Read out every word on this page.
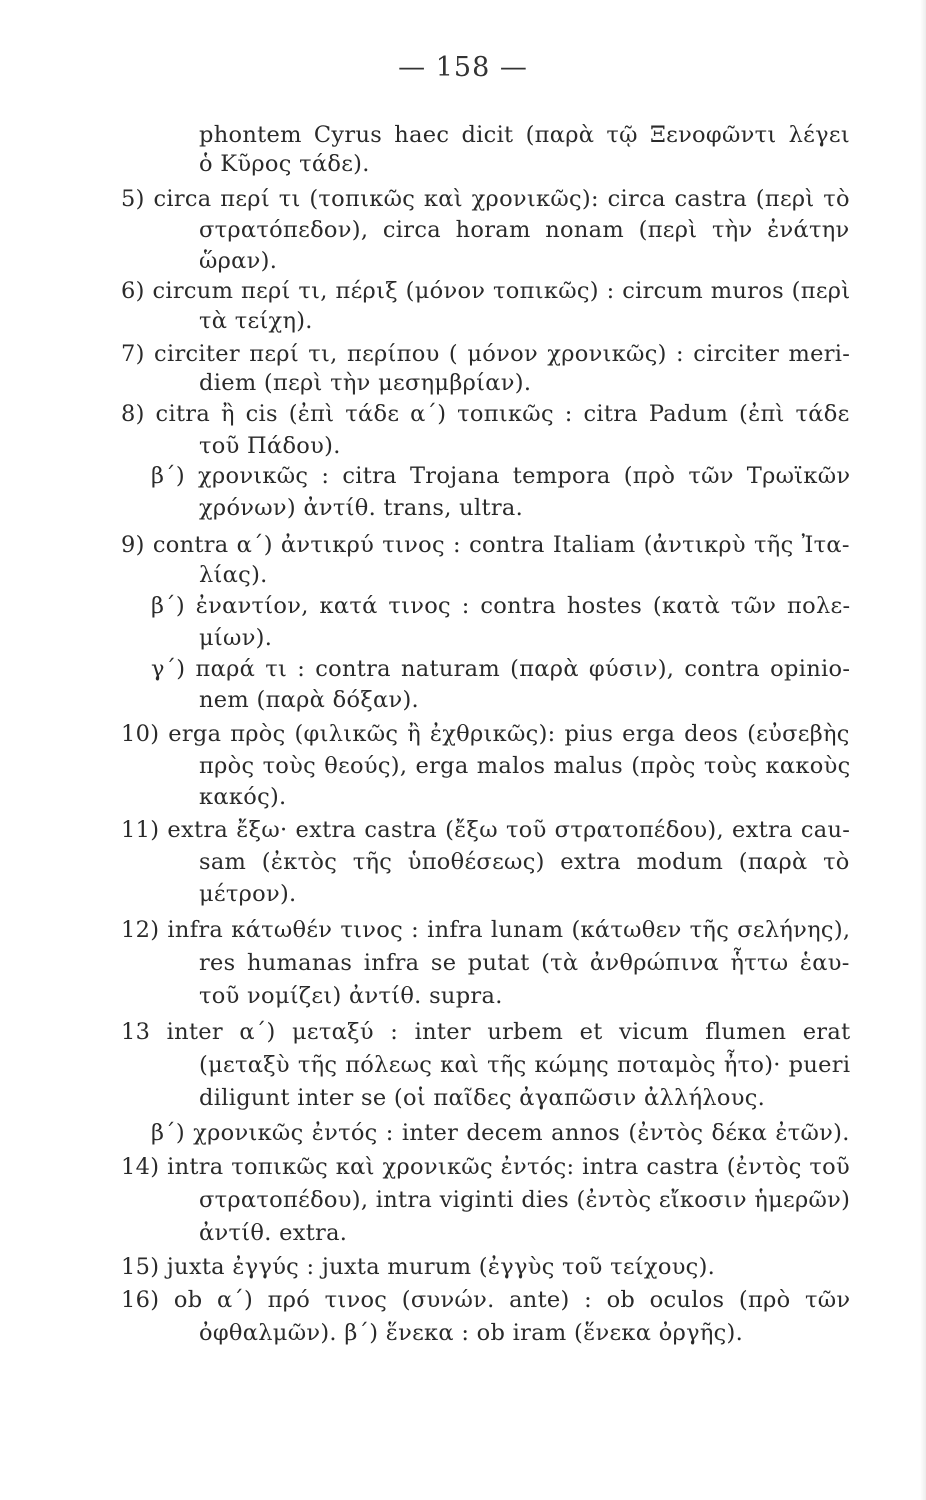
— 158 —
phontem Cyrus haec dicit (παρὰ τῷ Ξενοφῶντι λέγει
ὁ Κῦρος τάδε).
5) circa περί τι (τοπικῶς καὶ χρονικῶς): circa castra (περὶ τὸ
στρατόπεδον), circa horam nonam (περὶ τὴν ἐνάτην
ὥραν).
6) circum περί τι, πέριξ (μόνον τοπικῶς) : circum muros (περὶ
τὰ τείχη).
7) circiter περί τι, περίπου ( μόνον χρονικῶς) : circiter meri-
diem (περὶ τὴν μεσημβρίαν).
8) citra ἢ cis (ἐπὶ τάδε α΄) τοπικῶς : citra Padum (ἐπὶ τάδε
τοῦ Πάδου).
β΄) χρονικῶς : citra Trojana tempora (πρὸ τῶν Τρωϊκῶν
χρόνων) ἀντίθ. trans, ultra.
9) contra α΄) ἀντικρύ τινος : contra Italiam (ἀντικρὺ τῆς Ἰτα-
λίας).
β΄) ἐναντίον, κατά τινος : contra hostes (κατὰ τῶν πολε-
μίων).
γ΄) παρά τι : contra naturam (παρὰ φύσιν), contra opinio-
nem (παρὰ δόξαν).
10) erga πρὸς (φιλικῶς ἢ ἐχθρικῶς): pius erga deos (εὐσεβὴς
πρὸς τοὺς θεούς), erga malos malus (πρὸς τοὺς κακοὺς
κακός).
11) extra ἔξω· extra castra (ἔξω τοῦ στρατοπέδου), extra cau-
sam (ἐκτὸς τῆς ὑποθέσεως) extra modum (παρὰ τὸ
μέτρον).
12) infra κάτωθέν τινος : infra lunam (κάτωθεν τῆς σελήνης),
res humanas infra se putat (τὰ ἀνθρώπινα ἧττω ἑαυ-
τοῦ νομίζει) ἀντίθ. supra.
13 inter α΄) μεταξύ : inter urbem et vicum flumen erat
(μεταξὺ τῆς πόλεως καὶ τῆς κώμης ποταμὸς ἦτο)· pueri
diligunt inter se (οἱ παῖδες ἀγαπῶσιν ἀλλήλους.
β΄) χρονικῶς ἐντός : inter decem annos (ἐντὸς δέκα ἐτῶν).
14) intra τοπικῶς καὶ χρονικῶς ἐντός: intra castra (ἐντὸς τοῦ
στρατοπέδου), intra viginti dies (ἐντὸς εἴκοσιν ἡμερῶν)
ἀντίθ. extra.
15) juxta ἐγγύς : juxta murum (ἐγγὺς τοῦ τείχους).
16) ob α΄) πρό τινος (συνών. ante) : ob oculos (πρὸ τῶν
ὀφθαλμῶν). β΄) ἕνεκα : ob iram (ἕνεκα ὀργῆς).
